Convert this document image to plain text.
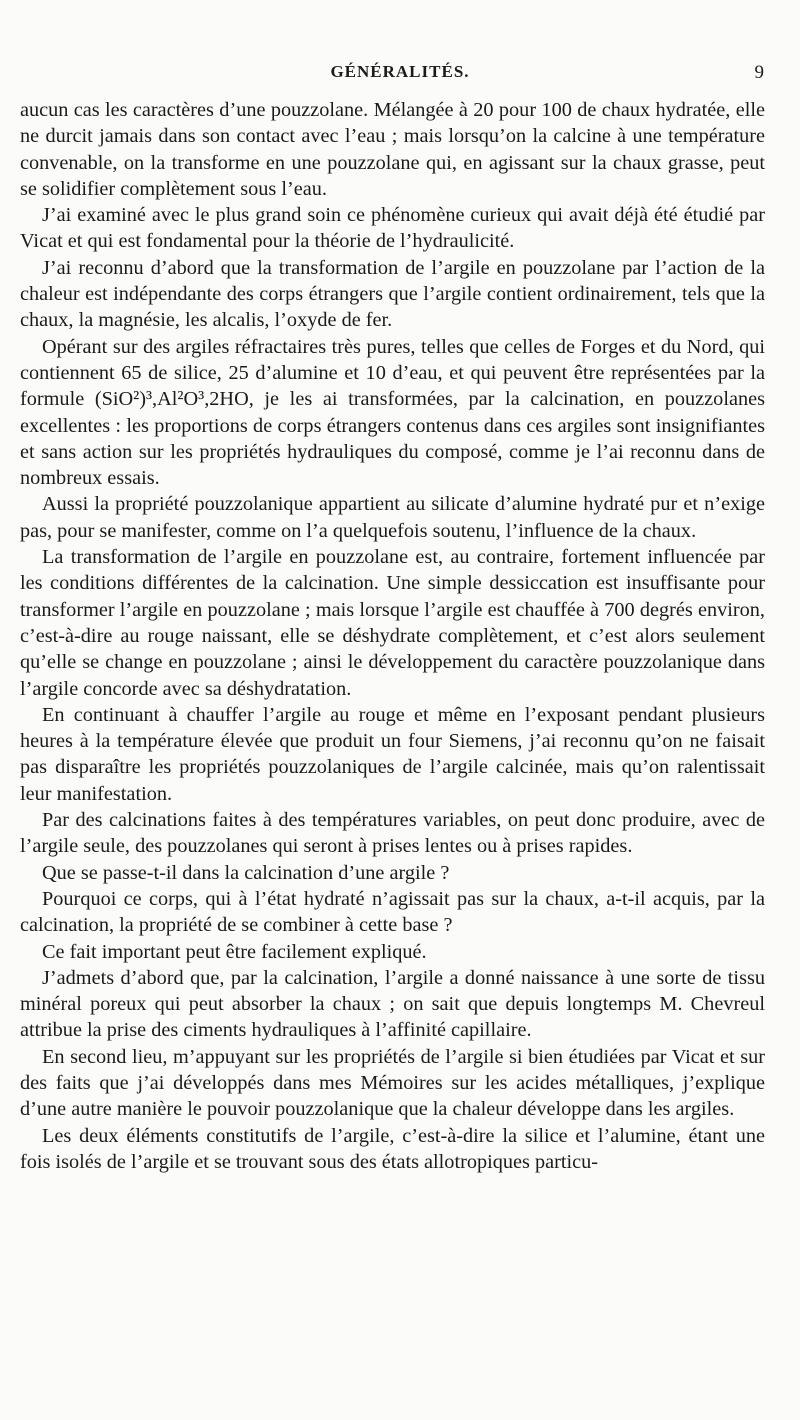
GÉNÉRALITÉS.	9

aucun cas les caractères d’une pouzzolane. Mélangée à 20 pour 100 de chaux hydratée, elle ne durcit jamais dans son contact avec l’eau ; mais lorsqu’on la calcine à une température convenable, on la transforme en une pouzzolane qui, en agissant sur la chaux grasse, peut se solidifier complètement sous l’eau.

J’ai examiné avec le plus grand soin ce phénomène curieux qui avait déjà été étudié par Vicat et qui est fondamental pour la théorie de l’hydraulicité.

J’ai reconnu d’abord que la transformation de l’argile en pouzzolane par l’action de la chaleur est indépendante des corps étrangers que l’argile contient ordinairement, tels que la chaux, la magnésie, les alcalis, l’oxyde de fer.

Opérant sur des argiles réfractaires très pures, telles que celles de Forges et du Nord, qui contiennent 65 de silice, 25 d’alumine et 10 d’eau, et qui peuvent être représentées par la formule (SiO²)³,Al²O³,2HO, je les ai transformées, par la calcination, en pouzzolanes excellentes : les proportions de corps étrangers contenus dans ces argiles sont insignifiantes et sans action sur les propriétés hydrauliques du composé, comme je l’ai reconnu dans de nombreux essais.

Aussi la propriété pouzzolanique appartient au silicate d’alumine hydraté pur et n’exige pas, pour se manifester, comme on l’a quelquefois soutenu, l’influence de la chaux.

La transformation de l’argile en pouzzolane est, au contraire, fortement influencée par les conditions différentes de la calcination. Une simple dessiccation est insuffisante pour transformer l’argile en pouzzolane ; mais lorsque l’argile est chauffée à 700 degrés environ, c’est-à-dire au rouge naissant, elle se déshydrate complètement, et c’est alors seulement qu’elle se change en pouzzolane ; ainsi le développement du caractère pouzzolanique dans l’argile concorde avec sa déshydratation.

En continuant à chauffer l’argile au rouge et même en l’exposant pendant plusieurs heures à la température élevée que produit un four Siemens, j’ai reconnu qu’on ne faisait pas disparaître les propriétés pouzzolaniques de l’argile calcinée, mais qu’on ralentissait leur manifestation.

Par des calcinations faites à des températures variables, on peut donc produire, avec de l’argile seule, des pouzzolanes qui seront à prises lentes ou à prises rapides.

Que se passe-t-il dans la calcination d’une argile ?

Pourquoi ce corps, qui à l’état hydraté n’agissait pas sur la chaux, a-t-il acquis, par la calcination, la propriété de se combiner à cette base ?

Ce fait important peut être facilement expliqué.

J’admets d’abord que, par la calcination, l’argile a donné naissance à une sorte de tissu minéral poreux qui peut absorber la chaux ; on sait que depuis longtemps M. Chevreul attribue la prise des ciments hydrauliques à l’affinité capillaire.

En second lieu, m’appuyant sur les propriétés de l’argile si bien étudiées par Vicat et sur des faits que j’ai développés dans mes Mémoires sur les acides métalliques, j’explique d’une autre manière le pouvoir pouzzolanique que la chaleur développe dans les argiles.

Les deux éléments constitutifs de l’argile, c’est-à-dire la silice et l’alumine, étant une fois isolés de l’argile et se trouvant sous des états allotropiques particu-
